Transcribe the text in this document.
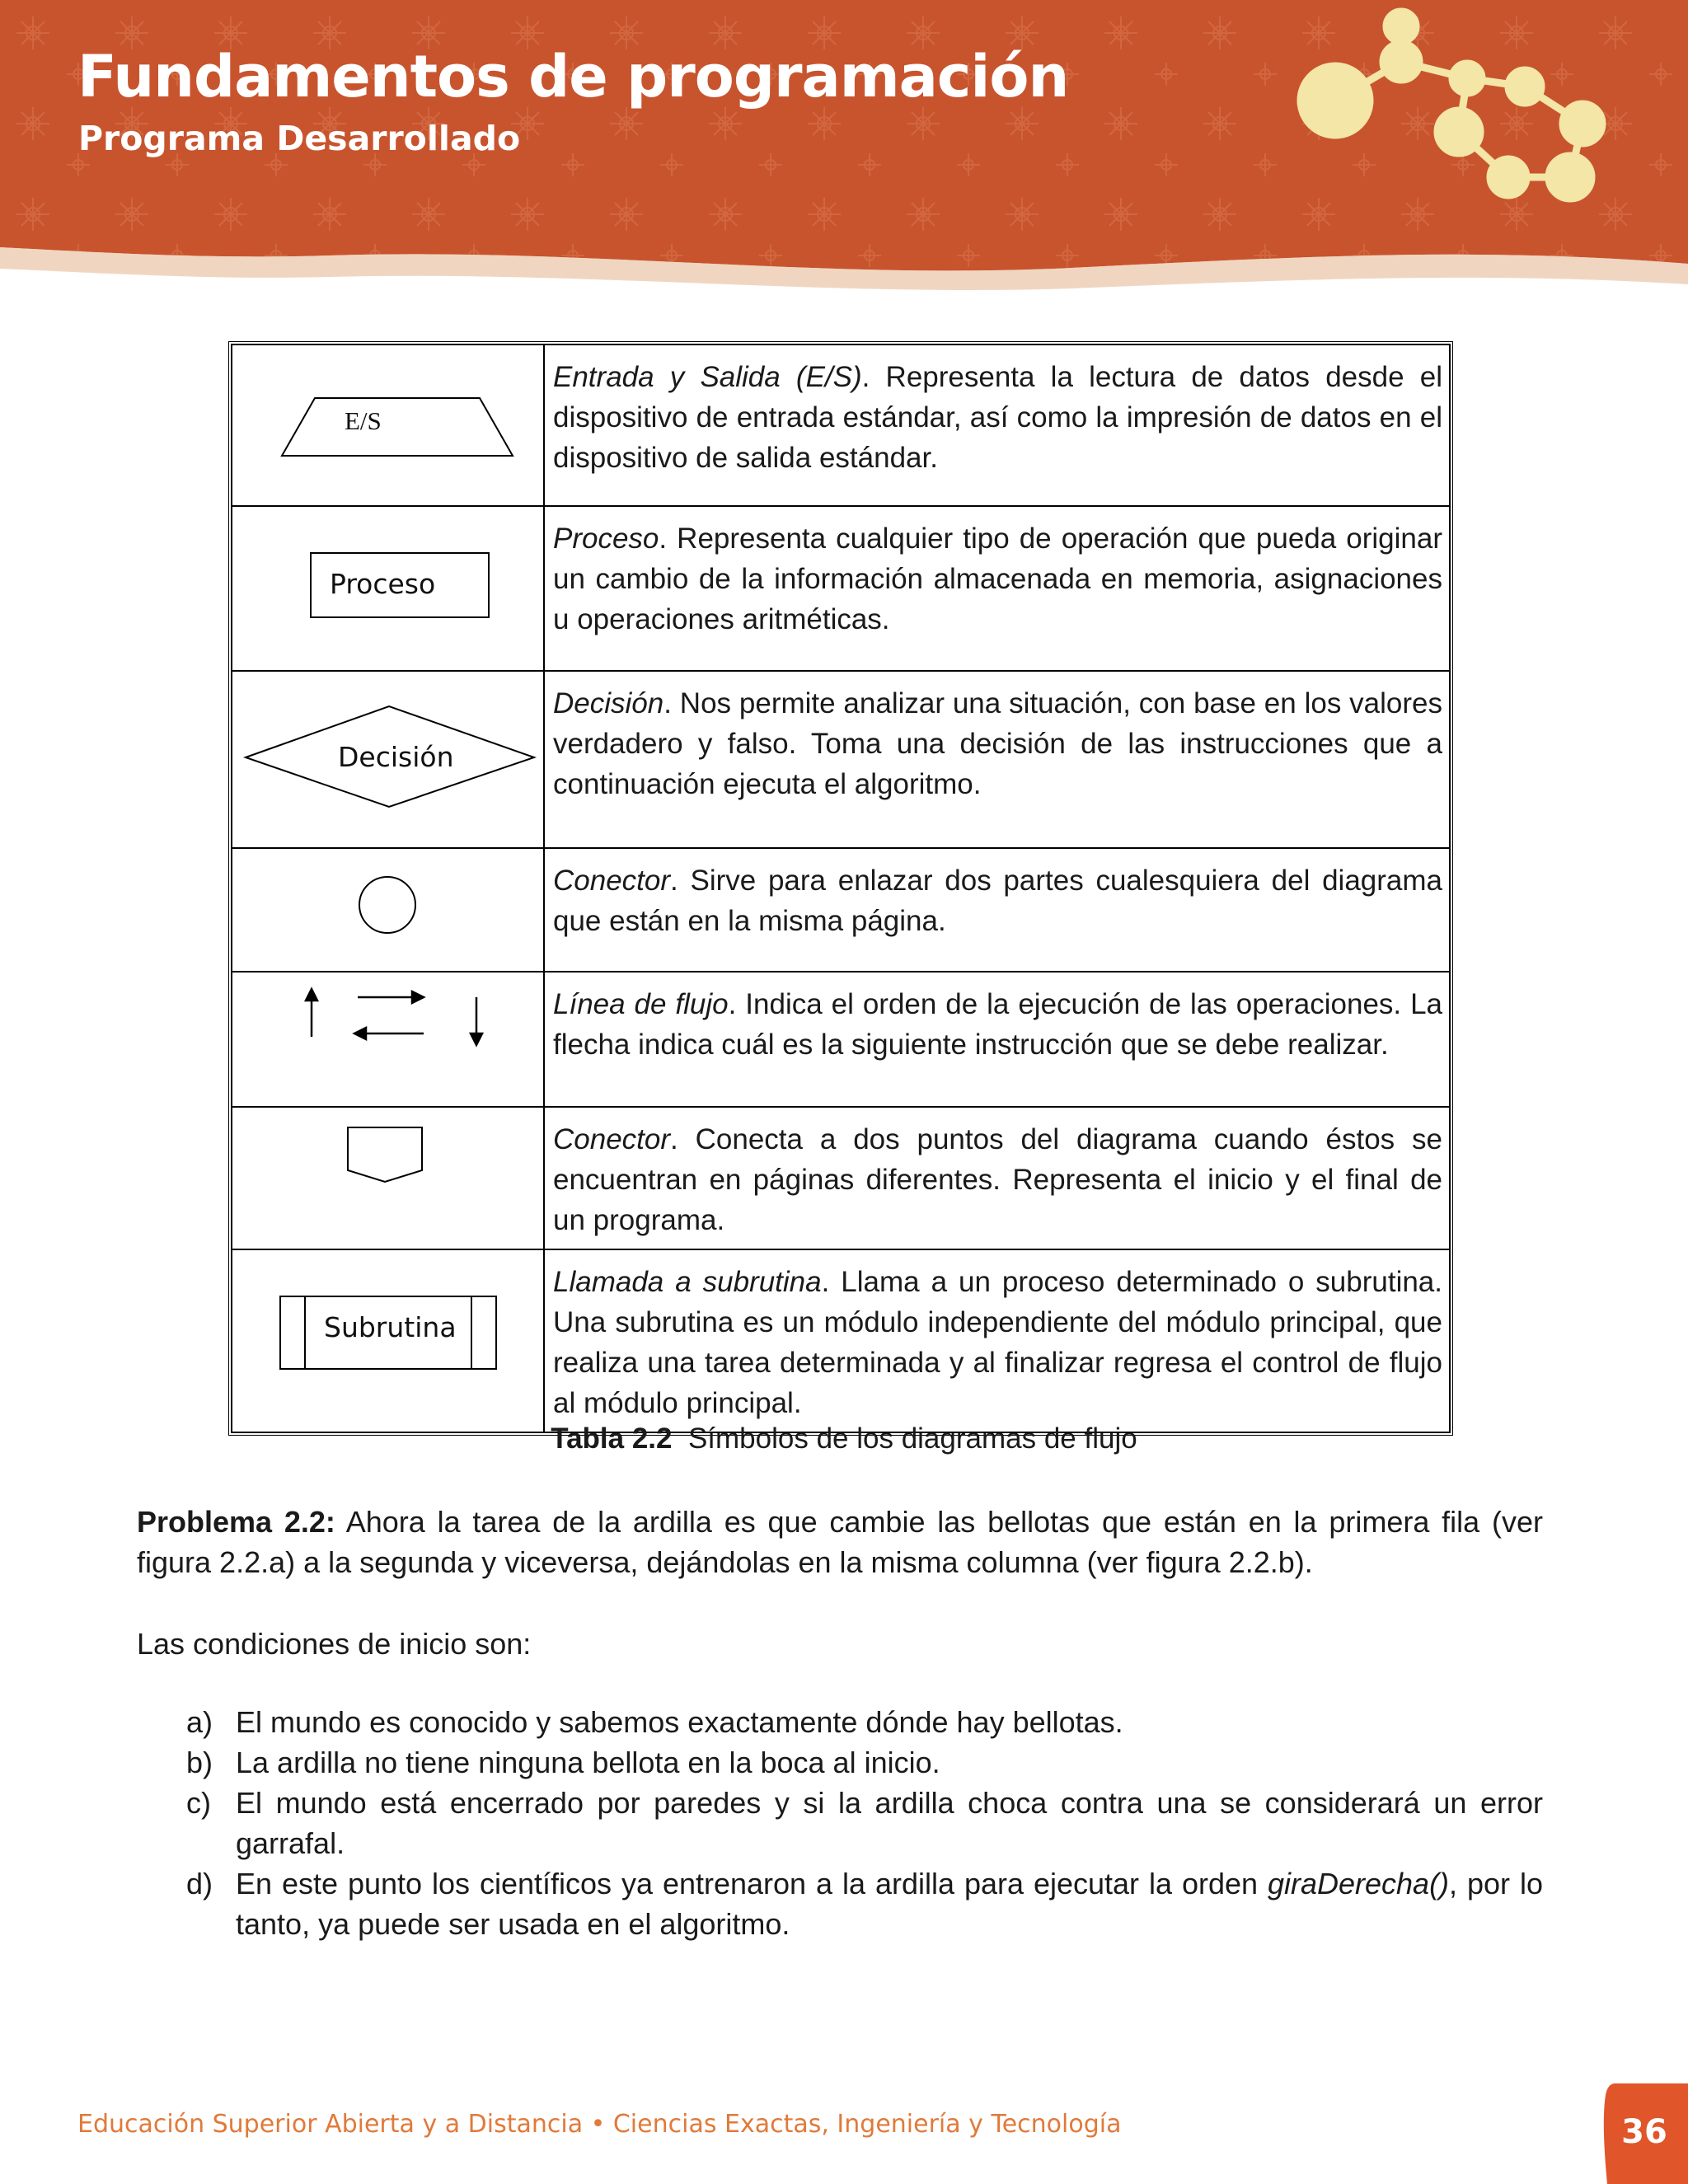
Fundamentos de programación
Programa Desarrollado
E/S	Entrada y Salida (E/S). Representa la lectura de datos desde el dispositivo de entrada estándar, así como la impresión de datos en el dispositivo de salida estándar.

Proceso	Proceso. Representa cualquier tipo de operación que pueda originar un cambio de la información almacenada en memoria, asignaciones u operaciones aritméticas.

Decisión	Decisión. Nos permite analizar una situación, con base en los valores verdadero y falso. Toma una decisión de las instrucciones que a continuación ejecuta el algoritmo.

	Conector. Sirve para enlazar dos partes cualesquiera del diagrama que están en la misma página.

	Línea de flujo. Indica el orden de la ejecución de las operaciones. La flecha indica cuál es la siguiente instrucción que se debe realizar.

	Conector. Conecta a dos puntos del diagrama cuando éstos se encuentran en páginas diferentes. Representa el inicio y el final de un programa.

Subrutina	Llamada a subrutina. Llama a un proceso determinado o subrutina. Una subrutina es un módulo independiente del módulo principal, que realiza una tarea determinada y al finalizar regresa el control de flujo al módulo principal.

Tabla 2.2 Símbolos de los diagramas de flujo

Problema 2.2: Ahora la tarea de la ardilla es que cambie las bellotas que están en la primera fila (ver figura 2.2.a) a la segunda y viceversa, dejándolas en la misma columna (ver figura 2.2.b).

Las condiciones de inicio son:

a) El mundo es conocido y sabemos exactamente dónde hay bellotas.
b) La ardilla no tiene ninguna bellota en la boca al inicio.
c) El mundo está encerrado por paredes y si la ardilla choca contra una se considerará un error garrafal.
d) En este punto los científicos ya entrenaron a la ardilla para ejecutar la orden giraDerecha(), por lo tanto, ya puede ser usada en el algoritmo.

Educación Superior Abierta y a Distancia • Ciencias Exactas, Ingeniería y Tecnología	36
